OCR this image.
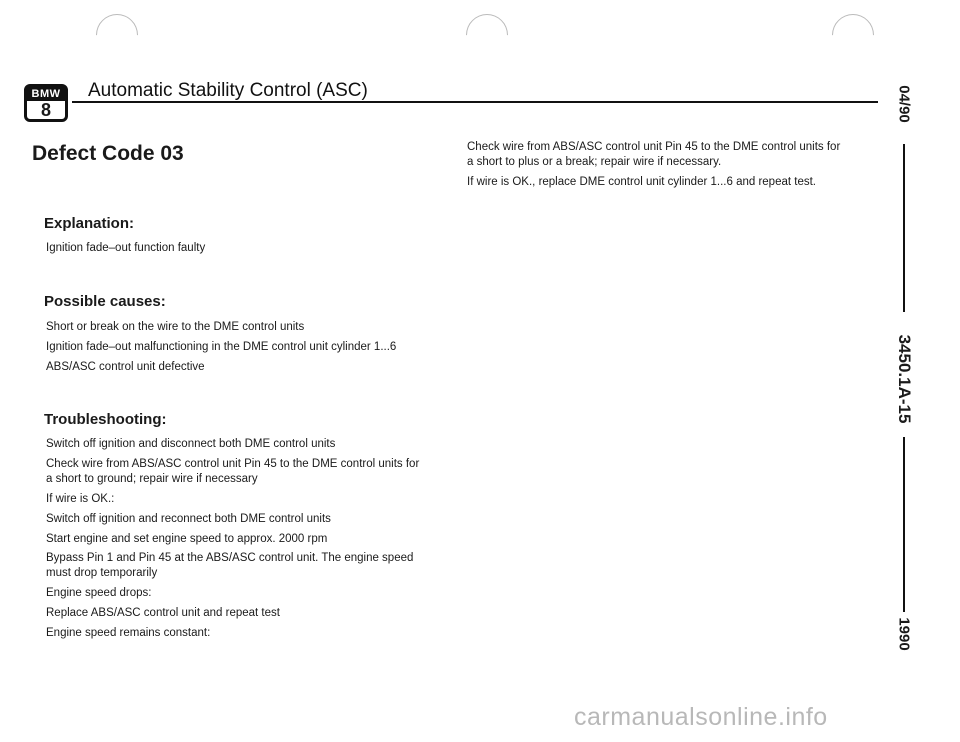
BMW
8
Automatic Stability Control (ASC)
Defect Code 03
Explanation:
Ignition fade–out function faulty
Possible causes:
Short or break on the wire to the DME control units
Ignition fade–out malfunctioning in the DME control unit cylinder 1...6
ABS/ASC control unit defective
Troubleshooting:
Switch off ignition and disconnect both DME control units
Check wire from ABS/ASC control unit Pin 45 to the DME control units for
a short to ground; repair wire if necessary
If wire is OK.:
Switch off ignition and reconnect both DME control units
Start engine and set engine speed to approx. 2000 rpm
Bypass Pin 1 and Pin 45 at the ABS/ASC control unit. The engine speed
must drop temporarily
Engine speed drops:
Replace ABS/ASC control unit and repeat test
Engine speed remains constant:
Check wire from ABS/ASC control unit Pin 45 to the DME control units for
a short to plus or a break; repair wire if necessary.
If wire is OK., replace DME control unit cylinder 1...6 and repeat test.
04/90
3450.1A-15
1990
carmanualsonline.info
